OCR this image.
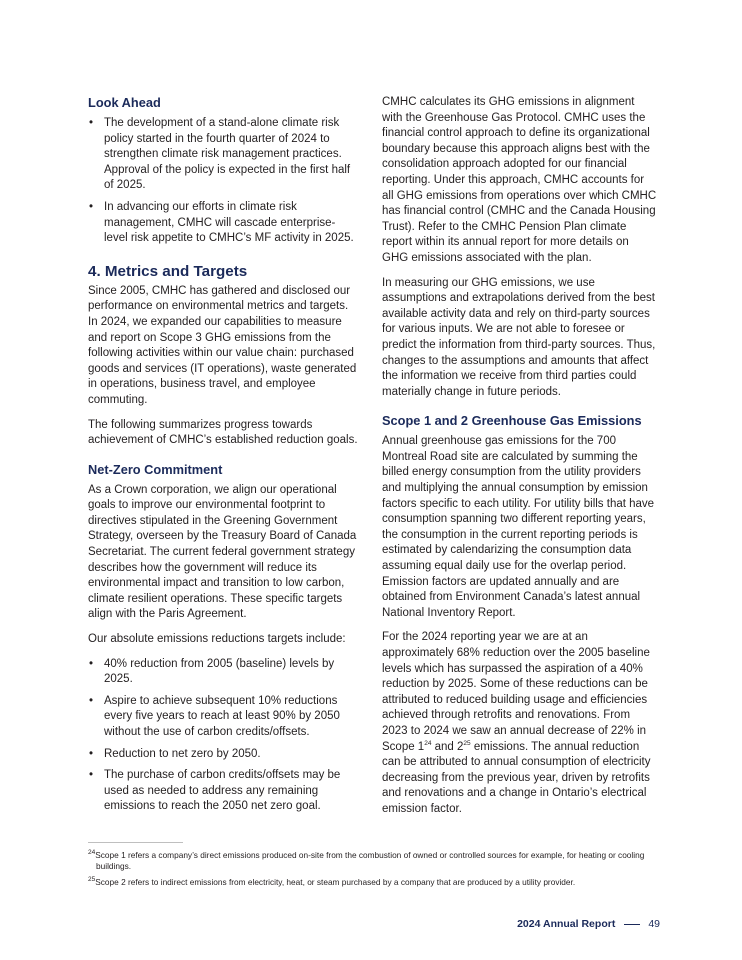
Look Ahead
• The development of a stand-alone climate risk policy started in the fourth quarter of 2024 to strengthen climate risk management practices. Approval of the policy is expected in the first half of 2025.
• In advancing our efforts in climate risk management, CMHC will cascade enterprise-level risk appetite to CMHC’s MF activity in 2025.
4. Metrics and Targets

Since 2005, CMHC has gathered and disclosed our performance on environmental metrics and targets. In 2024, we expanded our capabilities to measure and report on Scope 3 GHG emissions from the following activities within our value chain: purchased goods and services (IT operations), waste generated in operations, business travel, and employee commuting.

The following summarizes progress towards achievement of CMHC’s established reduction goals.

Net-Zero Commitment

As a Crown corporation, we align our operational goals to improve our environmental footprint to directives stipulated in the Greening Government Strategy, overseen by the Treasury Board of Canada Secretariat. The current federal government strategy describes how the government will reduce its environmental impact and transition to low carbon, climate resilient operations. These specific targets align with the Paris Agreement.

Our absolute emissions reductions targets include:

• 40% reduction from 2005 (baseline) levels by 2025.
• Aspire to achieve subsequent 10% reductions every five years to reach at least 90% by 2050 without the use of carbon credits/offsets.
• Reduction to net zero by 2050.
• The purchase of carbon credits/offsets may be used as needed to address any remaining emissions to reach the 2050 net zero goal.

CMHC calculates its GHG emissions in alignment with the Greenhouse Gas Protocol. CMHC uses the financial control approach to define its organizational boundary because this approach aligns best with the consolidation approach adopted for our financial reporting. Under this approach, CMHC accounts for all GHG emissions from operations over which CMHC has financial control (CMHC and the Canada Housing Trust). Refer to the CMHC Pension Plan climate report within its annual report for more details on GHG emissions associated with the plan.

In measuring our GHG emissions, we use assumptions and extrapolations derived from the best available activity data and rely on third-party sources for various inputs. We are not able to foresee or predict the information from third-party sources. Thus, changes to the assumptions and amounts that affect the information we receive from third parties could materially change in future periods.

Scope 1 and 2 Greenhouse Gas Emissions

Annual greenhouse gas emissions for the 700 Montreal Road site are calculated by summing the billed energy consumption from the utility providers and multiplying the annual consumption by emission factors specific to each utility. For utility bills that have consumption spanning two different reporting years, the consumption in the current reporting periods is estimated by calendarizing the consumption data assuming equal daily use for the overlap period. Emission factors are updated annually and are obtained from Environment Canada’s latest annual National Inventory Report.

For the 2024 reporting year we are at an approximately 68% reduction over the 2005 baseline levels which has surpassed the aspiration of a 40% reduction by 2025. Some of these reductions can be attributed to reduced building usage and efficiencies achieved through retrofits and renovations. From 2023 to 2024 we saw an annual decrease of 22% in Scope $1^{24}$ and $2^{25}$ emissions. The annual reduction can be attributed to annual consumption of electricity decreasing from the previous year, driven by retrofits and renovations and a change in Ontario’s electrical emission factor.

$^{24}$Scope 1 refers a company’s direct emissions produced on-site from the combustion of owned or controlled sources for example, for heating or cooling buildings.
$^{25}$Scope 2 refers to indirect emissions from electricity, heat, or steam purchased by a company that are produced by a utility provider.
2024 Annual Report	49
